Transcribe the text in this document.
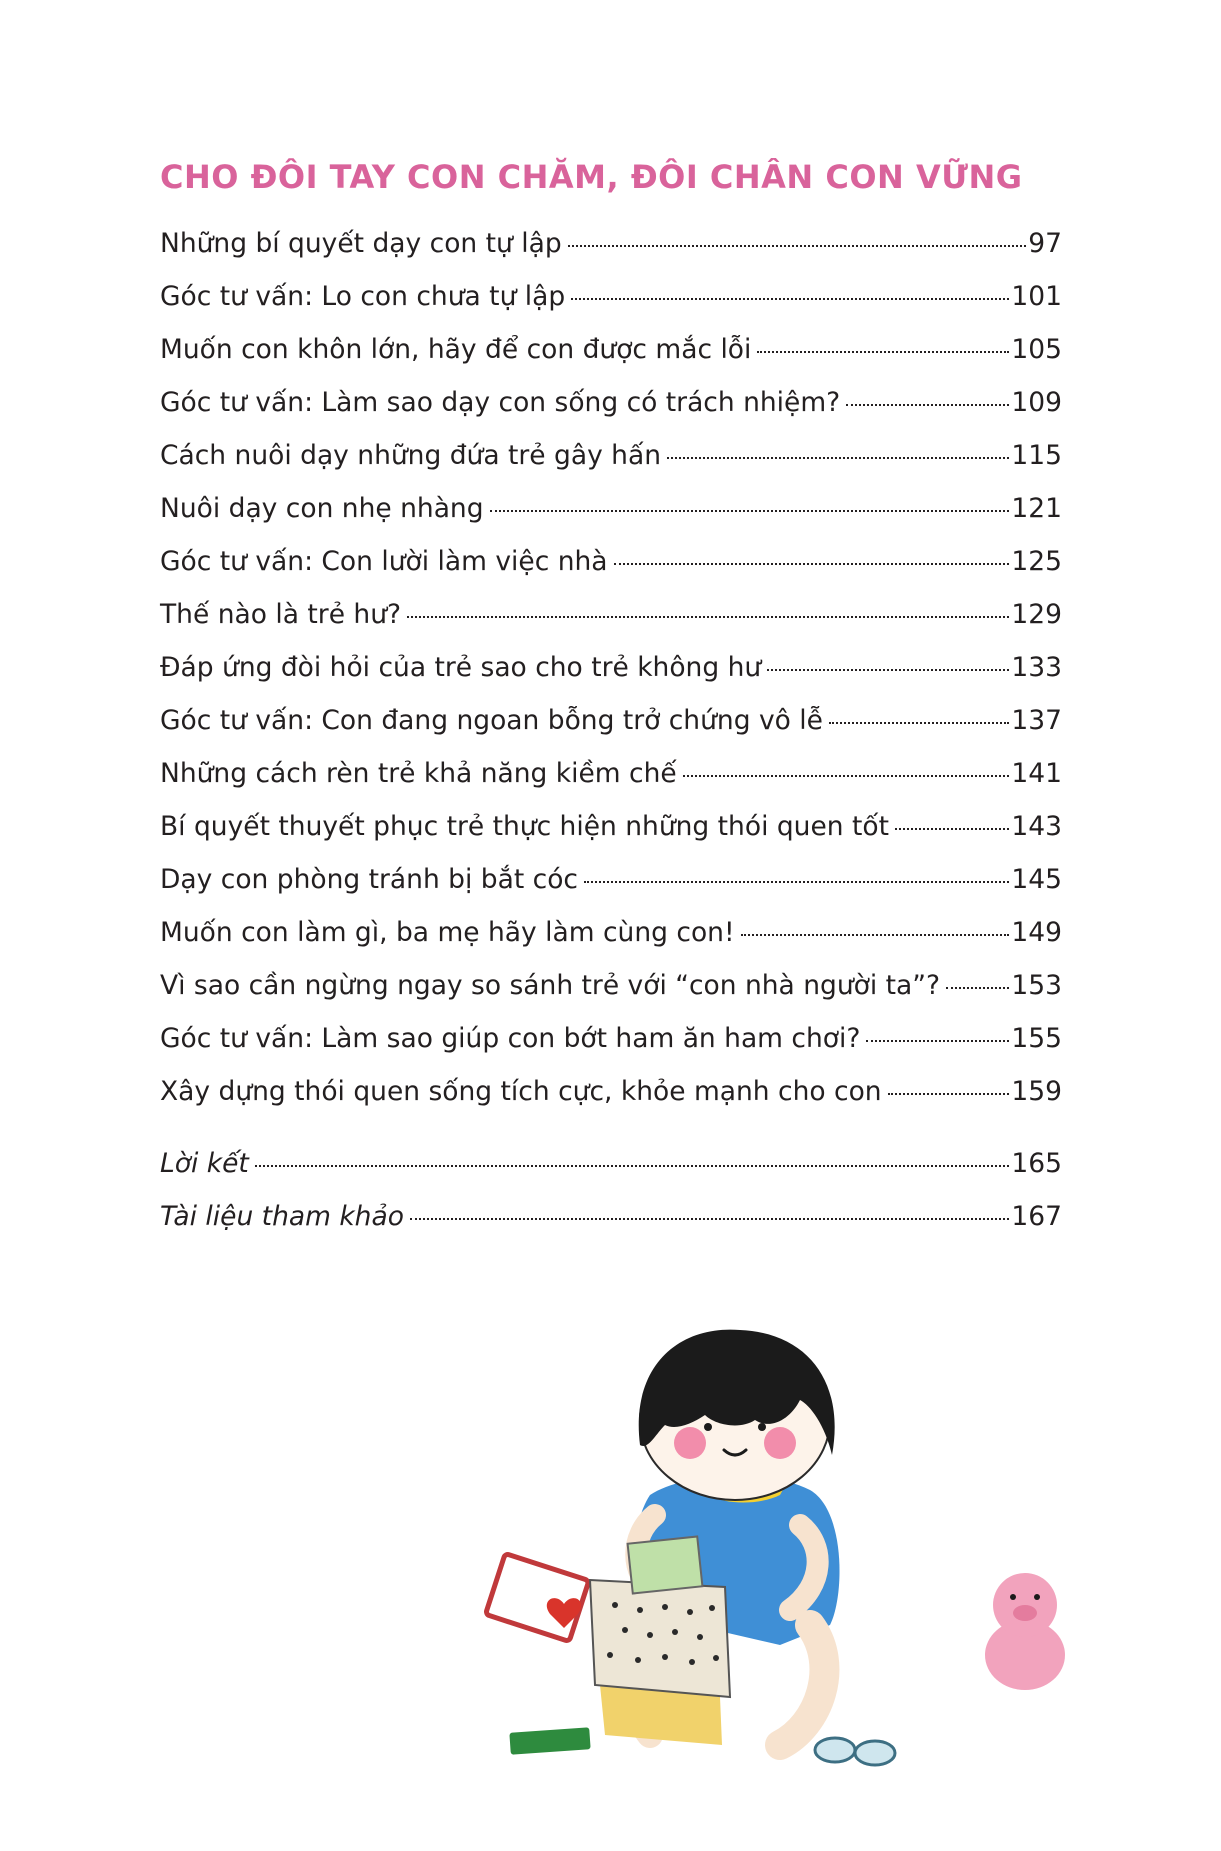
CHO ĐÔI TAY CON CHĂM, ĐÔI CHÂN CON VỮNG
Những bí quyết dạy con tự lập	97
Góc tư vấn: Lo con chưa tự lập	101
Muốn con khôn lớn, hãy để con được mắc lỗi	105
Góc tư vấn: Làm sao dạy con sống có trách nhiệm?	109
Cách nuôi dạy những đứa trẻ gây hấn	115
Nuôi dạy con nhẹ nhàng	121
Góc tư vấn: Con lười làm việc nhà	125
Thế nào là trẻ hư?	129
Đáp ứng đòi hỏi của trẻ sao cho trẻ không hư	133
Góc tư vấn: Con đang ngoan bỗng trở chứng vô lễ	137
Những cách rèn trẻ khả năng kiềm chế	141
Bí quyết thuyết phục trẻ thực hiện những thói quen tốt	143
Dạy con phòng tránh bị bắt cóc	145
Muốn con làm gì, ba mẹ hãy làm cùng con!	149
Vì sao cần ngừng ngay so sánh trẻ với “con nhà người ta”?	153
Góc tư vấn: Làm sao giúp con bớt ham ăn ham chơi?	155
Xây dựng thói quen sống tích cực, khỏe mạnh cho con	159
Lời kết	165
Tài liệu tham khảo	167
